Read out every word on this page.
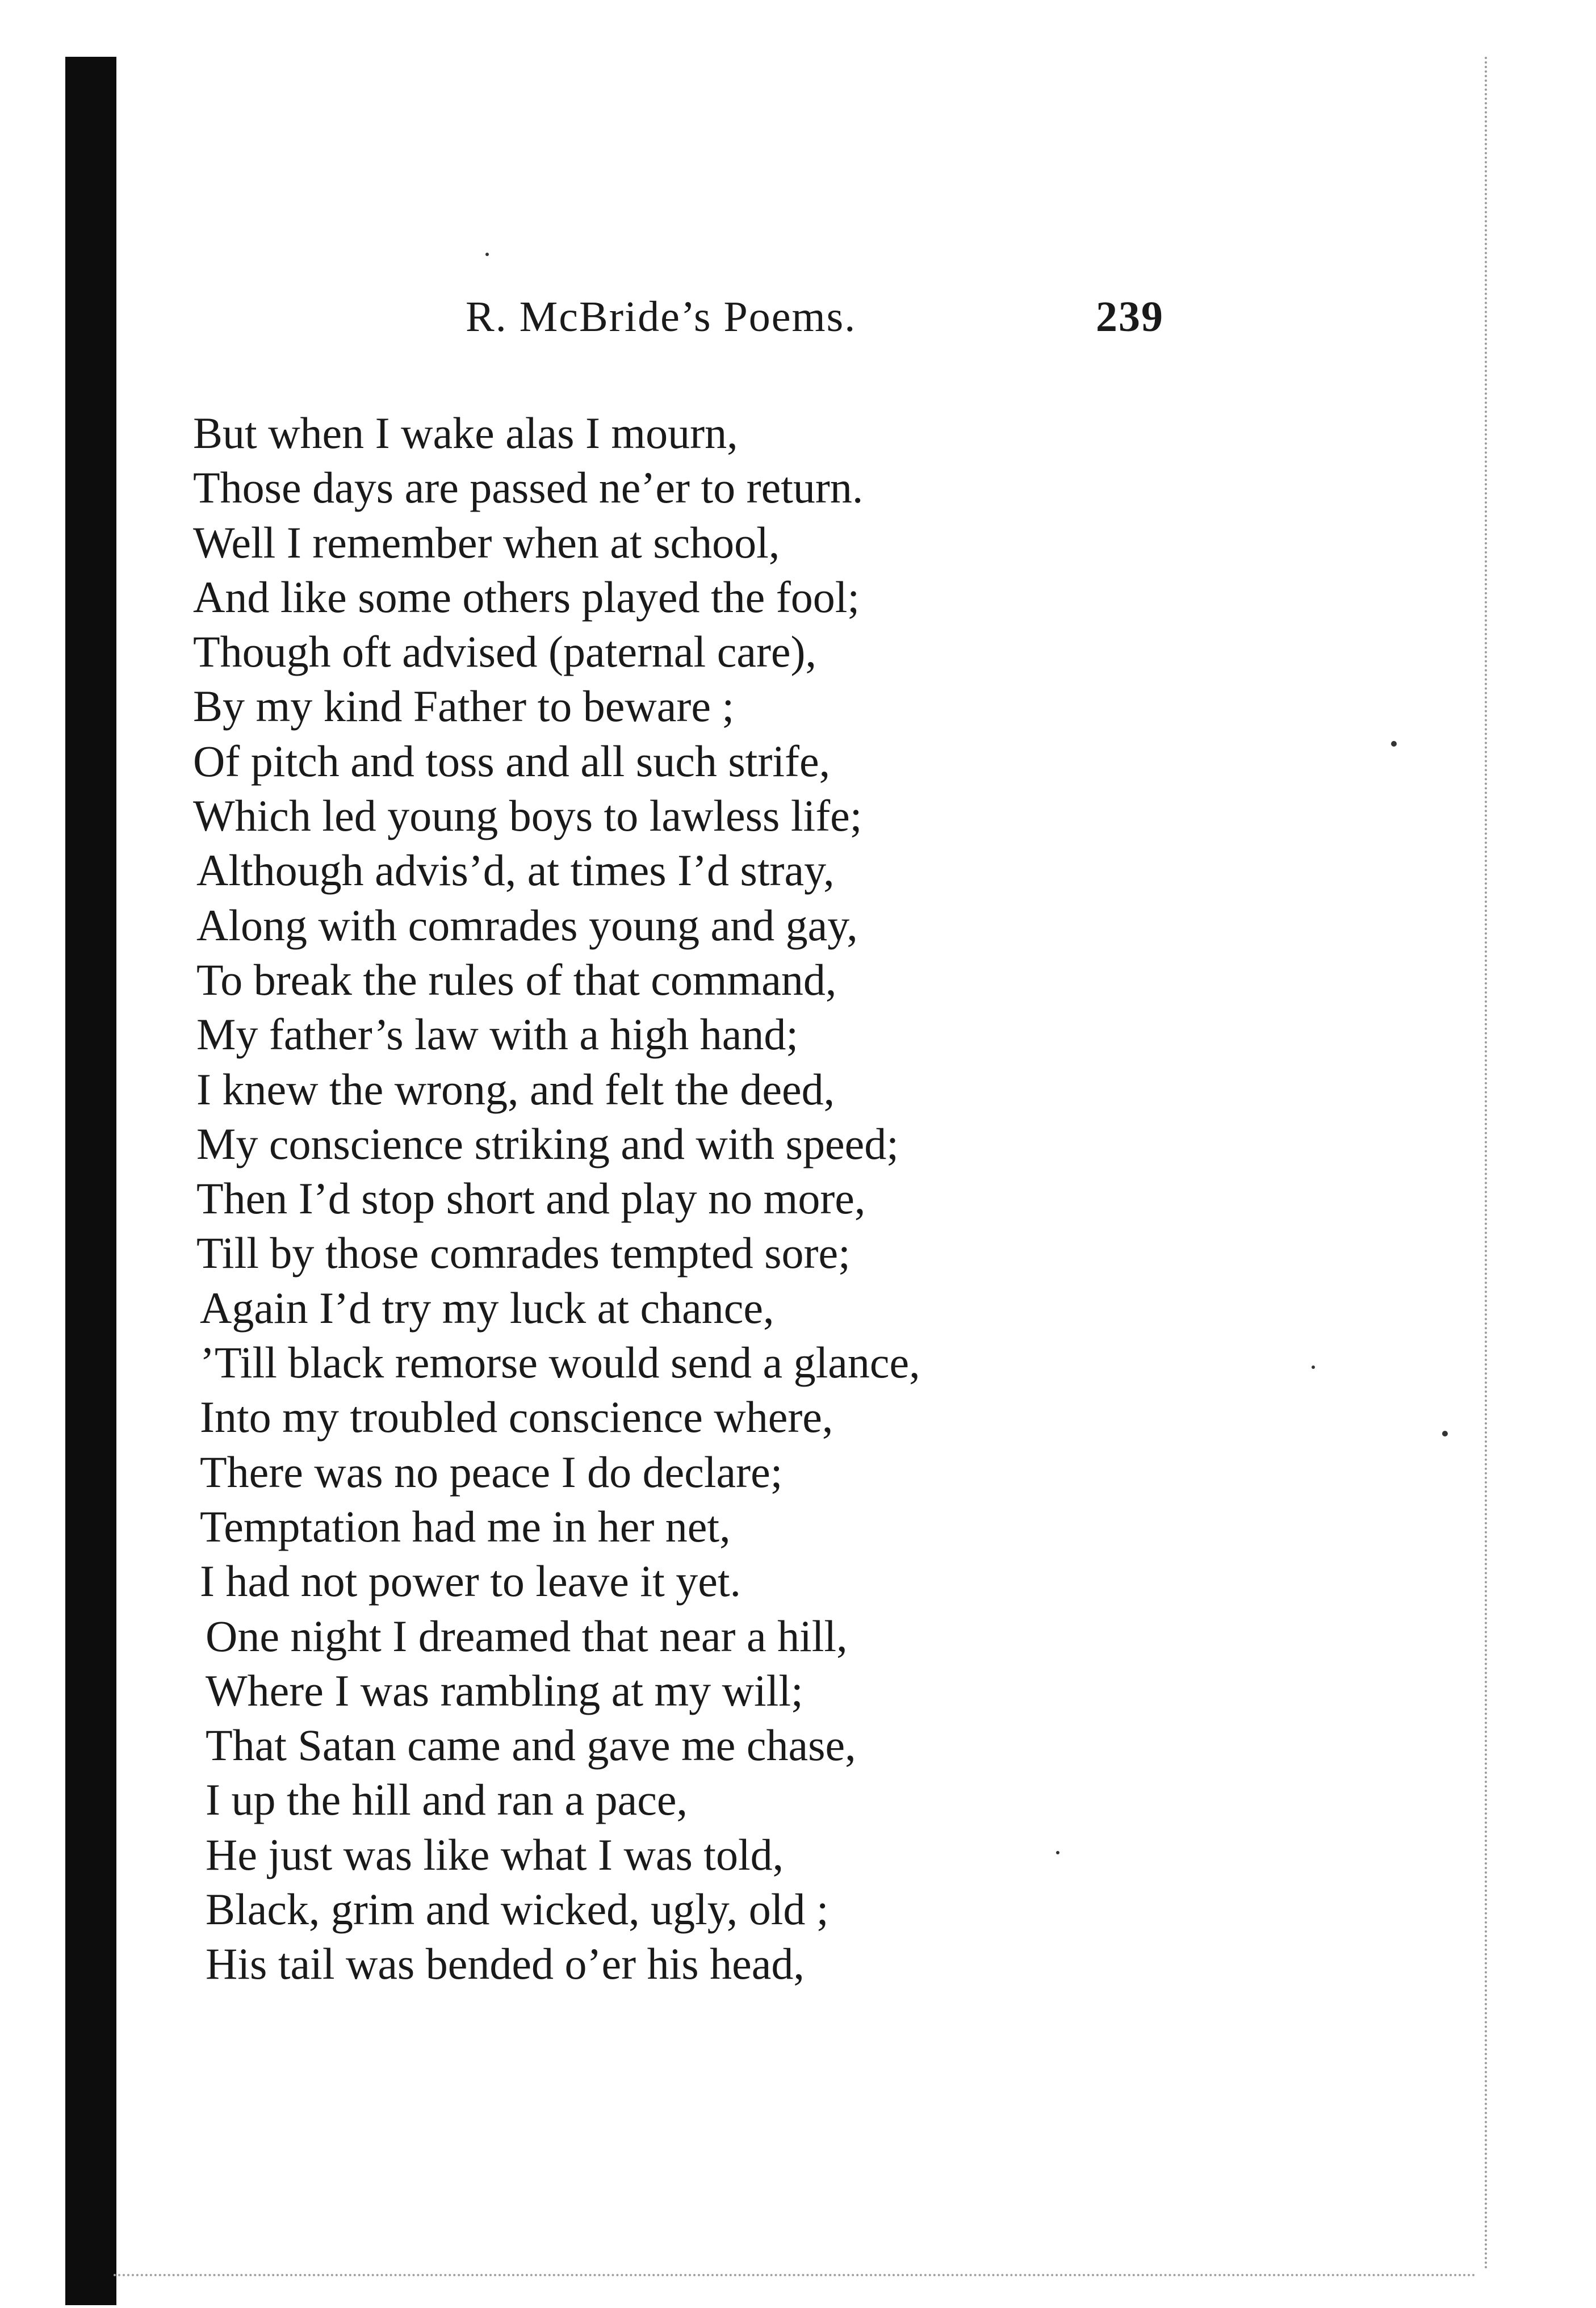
R. McBride’s Poems.	239
But when I wake alas I mourn,
Those days are passed ne’er to return.
Well I remember when at school,
And like some others played the fool;
Though oft advised (paternal care),
By my kind Father to beware ;
Of pitch and toss and all such strife,
Which led young boys to lawless life;
Although advis’d, at times I’d stray,
Along with comrades young and gay,
To break the rules of that command,
My father’s law with a high hand;
I knew the wrong, and felt the deed,
My conscience striking and with speed;
Then I’d stop short and play no more,
Till by those comrades tempted sore;
Again I’d try my luck at chance,
’Till black remorse would send a glance,
Into my troubled conscience where,
There was no peace I do declare;
Temptation had me in her net,
I had not power to leave it yet.
One night I dreamed that near a hill,
Where I was rambling at my will;
That Satan came and gave me chase,
I up the hill and ran a pace,
He just was like what I was told,
Black, grim and wicked, ugly, old ;
His tail was bended o’er his head,
